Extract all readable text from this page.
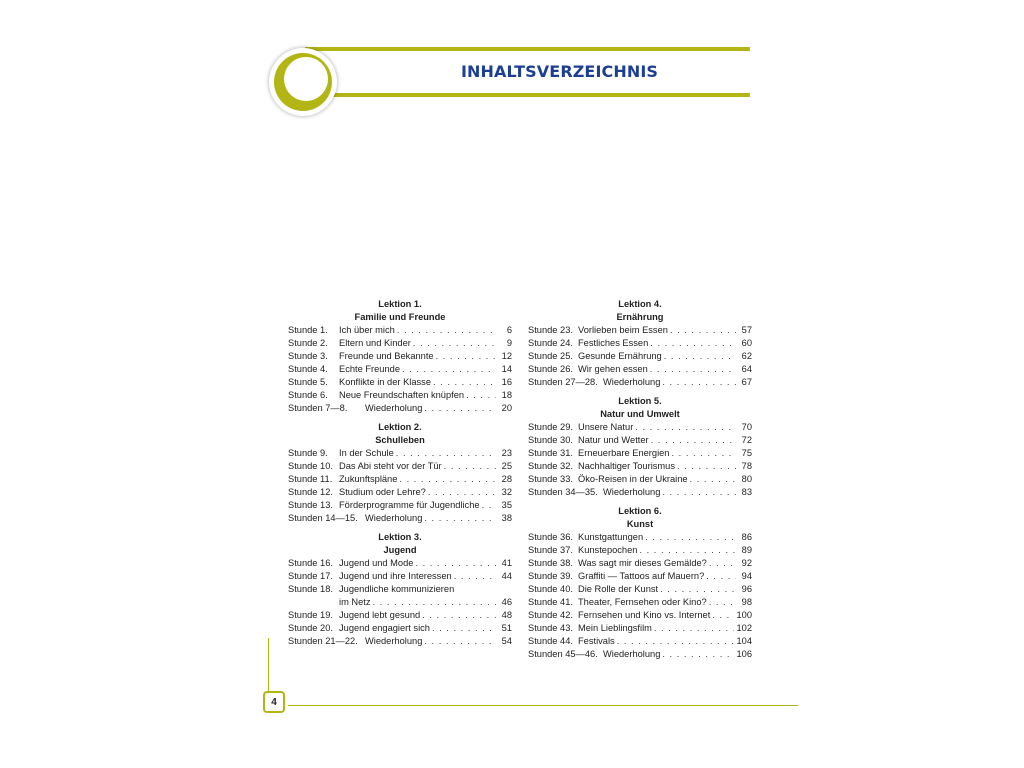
INHALTSVERZEICHNIS
Lektion 1.
Familie und Freunde
Stunde 1.	Ich über mich . . .	6
Stunde 2.	Eltern und Kinder . . .	9
Stunde 3.	Freunde und Bekannte . . .	12
Stunde 4.	Echte Freunde . . .	14
Stunde 5.	Konflikte in der Klasse . . .	16
Stunde 6.	Neue Freundschaften knüpfen . . .	18
Stunden 7—8.	Wiederholung . . .	20
Lektion 2.
Schulleben
Stunde 9.	In der Schule . . .	23
Stunde 10. Das Abi steht vor der Tür . . .	25
Stunde 11. Zukunftspläne . . .	28
Stunde 12. Studium oder Lehre? . . .	32
Stunde 13. Förderprogramme für Jugendliche . . .	35
Stunden 14—15. Wiederholung . . .	38
Lektion 3.
Jugend
Stunde 16. Jugend und Mode . . .	41
Stunde 17. Jugend und ihre Interessen . . .	44
Stunde 18. Jugendliche kommunizieren
im Netz . . .	46
Stunde 19. Jugend lebt gesund . . .	48
Stunde 20. Jugend engagiert sich . . .	51
Stunden 21—22. Wiederholung . . .	54
Lektion 4.
Ernährung
Stunde 23. Vorlieben beim Essen . . .	57
Stunde 24. Festliches Essen . . .	60
Stunde 25. Gesunde Ernährung . . .	62
Stunde 26. Wir gehen essen . . .	64
Stunden 27—28. Wiederholung . . .	67
Lektion 5.
Natur und Umwelt
Stunde 29. Unsere Natur . . .	70
Stunde 30. Natur und Wetter . . .	72
Stunde 31. Erneuerbare Energien . . .	75
Stunde 32. Nachhaltiger Tourismus . . .	78
Stunde 33. Öko-Reisen in der Ukraine . . .	80
Stunden 34—35. Wiederholung . . .	83
Lektion 6.
Kunst
Stunde 36. Kunstgattungen . . .	86
Stunde 37. Kunstepochen . . .	89
Stunde 38. Was sagt mir dieses Gemälde? . . .	92
Stunde 39. Graffiti — Tattoos auf Mauern? . . .	94
Stunde 40. Die Rolle der Kunst . . .	96
Stunde 41. Theater, Fernsehen oder Kino? . . .	98
Stunde 42. Fernsehen und Kino vs. Internet . . .	100
Stunde 43. Mein Lieblingsfilm . . .	102
Stunde 44. Festivals . . .	104
Stunden 45—46. Wiederholung . . .	106
4
